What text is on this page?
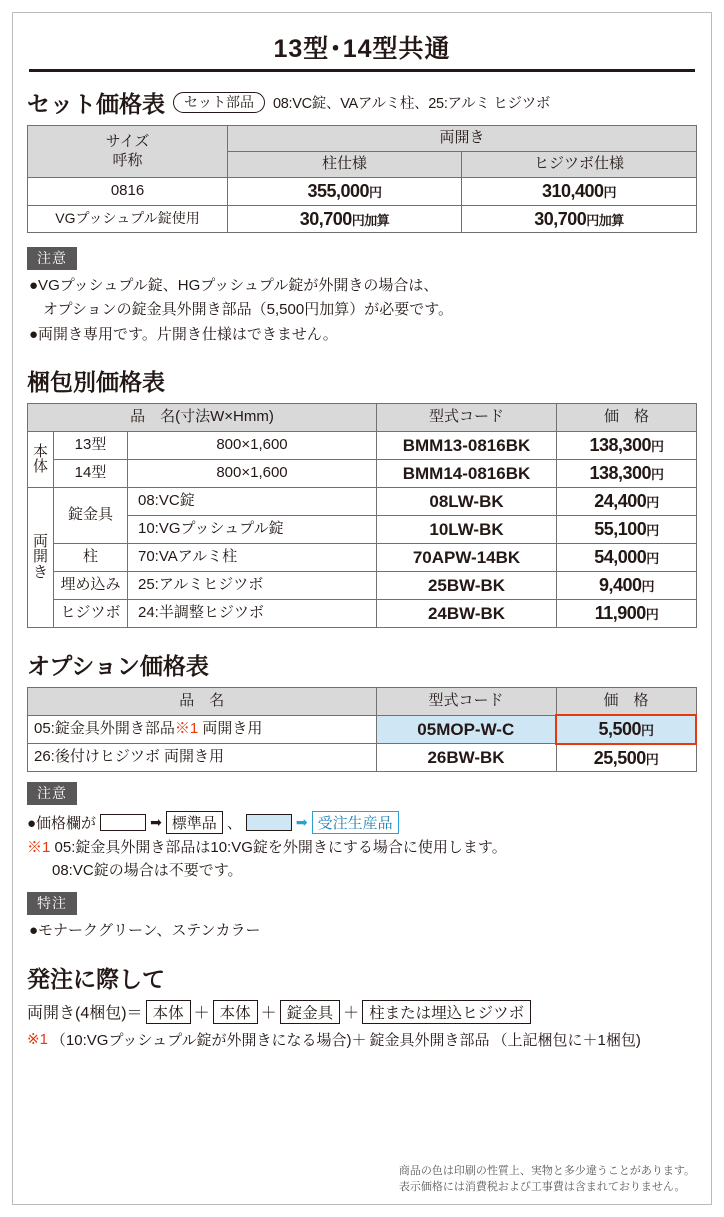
13型･14型共通
セット価格表	セット部品	08:VC錠、VAアルミ柱、25:アルミ ヒジツボ
サイズ
呼称	両開き	
	柱仕様	ヒジツボ仕様
0816	355,000円	310,400円
VGプッシュプル錠使用	30,700円加算	30,700円加算
注意
●VGプッシュプル錠、HGプッシュプル錠が外開きの場合は、
オプションの錠金具外開き部品（5,500円加算）が必要です。
●両開き専用です。片開き仕様はできません。
梱包別価格表
品　名(寸法W×Hmm)			型式コード	価　格

本
体	13型	800×1,600	BMM13-0816BK	138,300円
	14型	800×1,600	BMM14-0816BK	138,300円

両
開
き	錠金具	08:VC錠	08LW-BK	24,400円
		10:VGプッシュプル錠	10LW-BK	55,100円
	柱	70:VAアルミ柱	70APW-14BK	54,000円
	埋め込み	25:アルミヒジツボ	25BW-BK	9,400円
	ヒジツボ	24:半調整ヒジツボ	24BW-BK	11,900円
オプション価格表
品　名	型式コード	価　格
05:錠金具外開き部品※1 両開き用	05MOP-W-C	5,500円
26:後付けヒジツボ 両開き用	26BW-BK	25,500円
注意
●価格欄が	➡ 標準品 、	➡ 受注生産品
※1 05:錠金具外開き部品は10:VG錠を外開きにする場合に使用します。
08:VC錠の場合は不要です。
特注
●モナークグリーン、ステンカラー
発注に際して
両開き(4梱包)＝ 本体 ＋ 本体 ＋ 錠金具 ＋ 柱または埋込ヒジツボ
※1 （10:VGプッシュプル錠が外開きになる場合)＋ 錠金具外開き部品 （上記梱包に＋1梱包)
商品の色は印刷の性質上、実物と多少違うことがあります。
表示価格には消費税および工事費は含まれておりません。
